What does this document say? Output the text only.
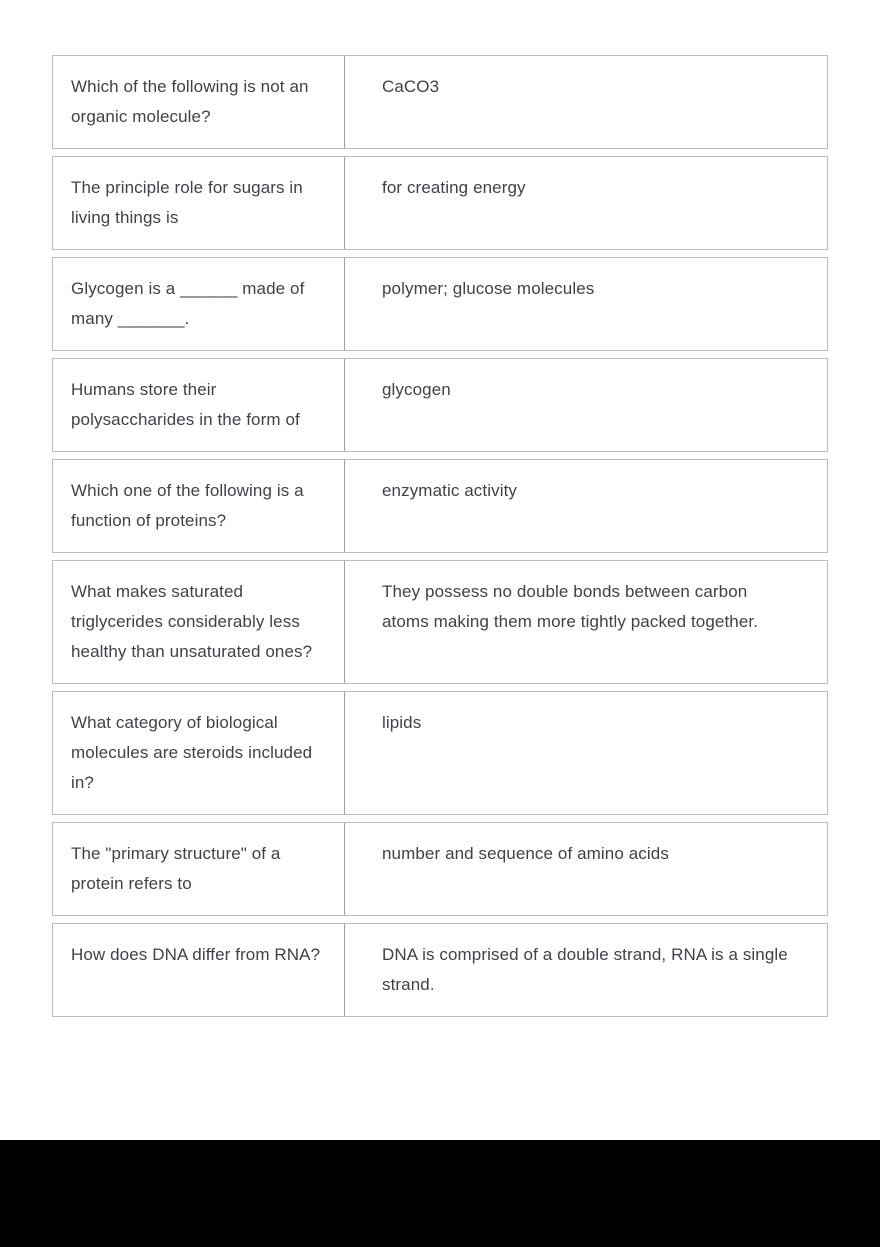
Which of the following is not an organic molecule?
CaCO3
The principle role for sugars in living things is
for creating energy
Glycogen is a ______ made of many _______.
polymer; glucose molecules
Humans store their polysaccharides in the form of
glycogen
Which one of the following is a function of proteins?
enzymatic activity
What makes saturated triglycerides considerably less healthy than unsaturated ones?
They possess no double bonds between carbon atoms making them more tightly packed together.
What category of biological molecules are steroids included in?
lipids
The "primary structure" of a protein refers to
number and sequence of amino acids
How does DNA differ from RNA?	DNA is comprised of a double strand, RNA is a single strand.
